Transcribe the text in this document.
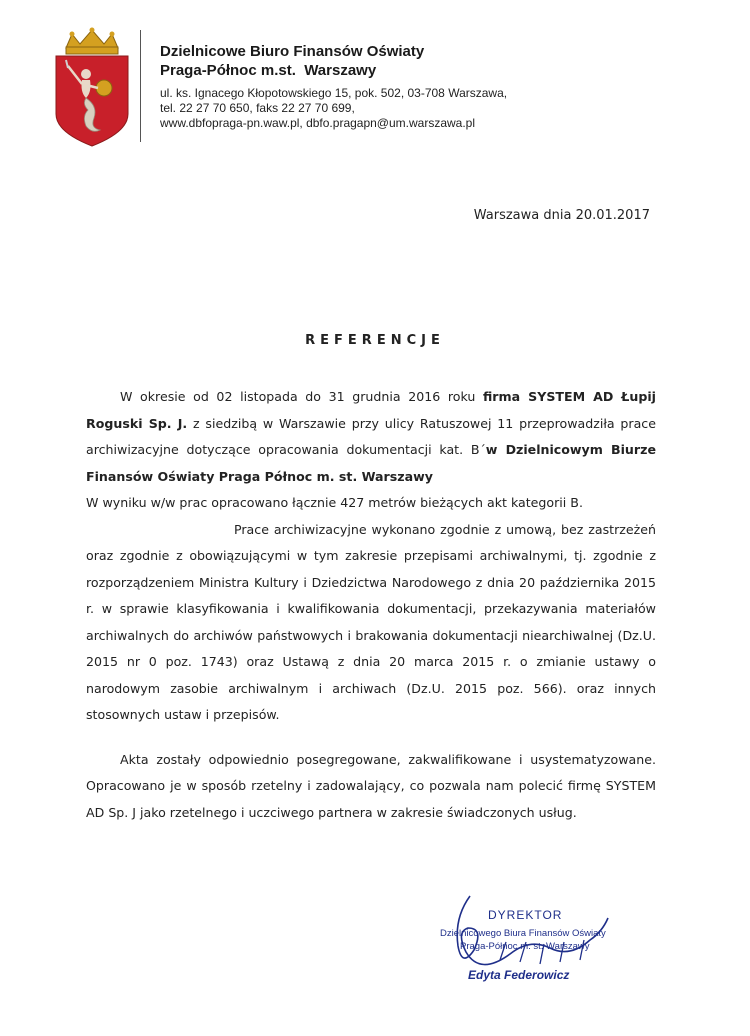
Dzielnicowe Biuro Finansów Oświaty
Praga-Północ m.st.  Warszawy
ul. ks. Ignacego Kłopotowskiego 15, pok. 502, 03-708 Warszawa,
tel. 22 27 70 650, faks 22 27 70 699,
www.dbfopraga-pn.waw.pl, dbfo.pragapn@um.warszawa.pl
Warszawa dnia 20.01.2017
REFERENCJE

W okresie od 02 listopada do 31 grudnia 2016 roku firma SYSTEM AD Łupij Roguski Sp. J. z siedzibą w Warszawie przy ulicy Ratuszowej 11 przeprowadziła prace archiwizacyjne dotyczące opracowania dokumentacji kat. B´w Dzielnicowym Biurze Finansów Oświaty Praga Północ m. st. Warszawy

W wyniku w/w prac opracowano łącznie 427 metrów bieżących akt kategorii B.

Prace archiwizacyjne wykonano zgodnie z umową, bez zastrzeżeń oraz zgodnie z obowiązującymi w tym zakresie przepisami archiwalnymi, tj. zgodnie z rozporządzeniem Ministra Kultury i Dziedzictwa Narodowego z dnia 20 października 2015 r. w sprawie klasyfikowania i kwalifikowania dokumentacji, przekazywania materiałów archiwalnych do archiwów państwowych i brakowania dokumentacji niearchiwalnej (Dz.U. 2015 nr 0 poz. 1743) oraz Ustawą z dnia 20 marca 2015 r. o zmianie ustawy o narodowym zasobie archiwalnym i archiwach (Dz.U. 2015 poz. 566). oraz innych stosownych ustaw i przepisów.

Akta zostały odpowiednio posegregowane, zakwalifikowane i usystematyzowane. Opracowano je w sposób rzetelny i zadowalający, co pozwala nam polecić firmę SYSTEM AD Sp. J jako rzetelnego i uczciwego partnera w zakresie świadczonych usług.

DYREKTOR
Dzielnicowego Biura Finansów Oświaty
Praga-Północ m. st. Warszawy
Edyta Federowicz
